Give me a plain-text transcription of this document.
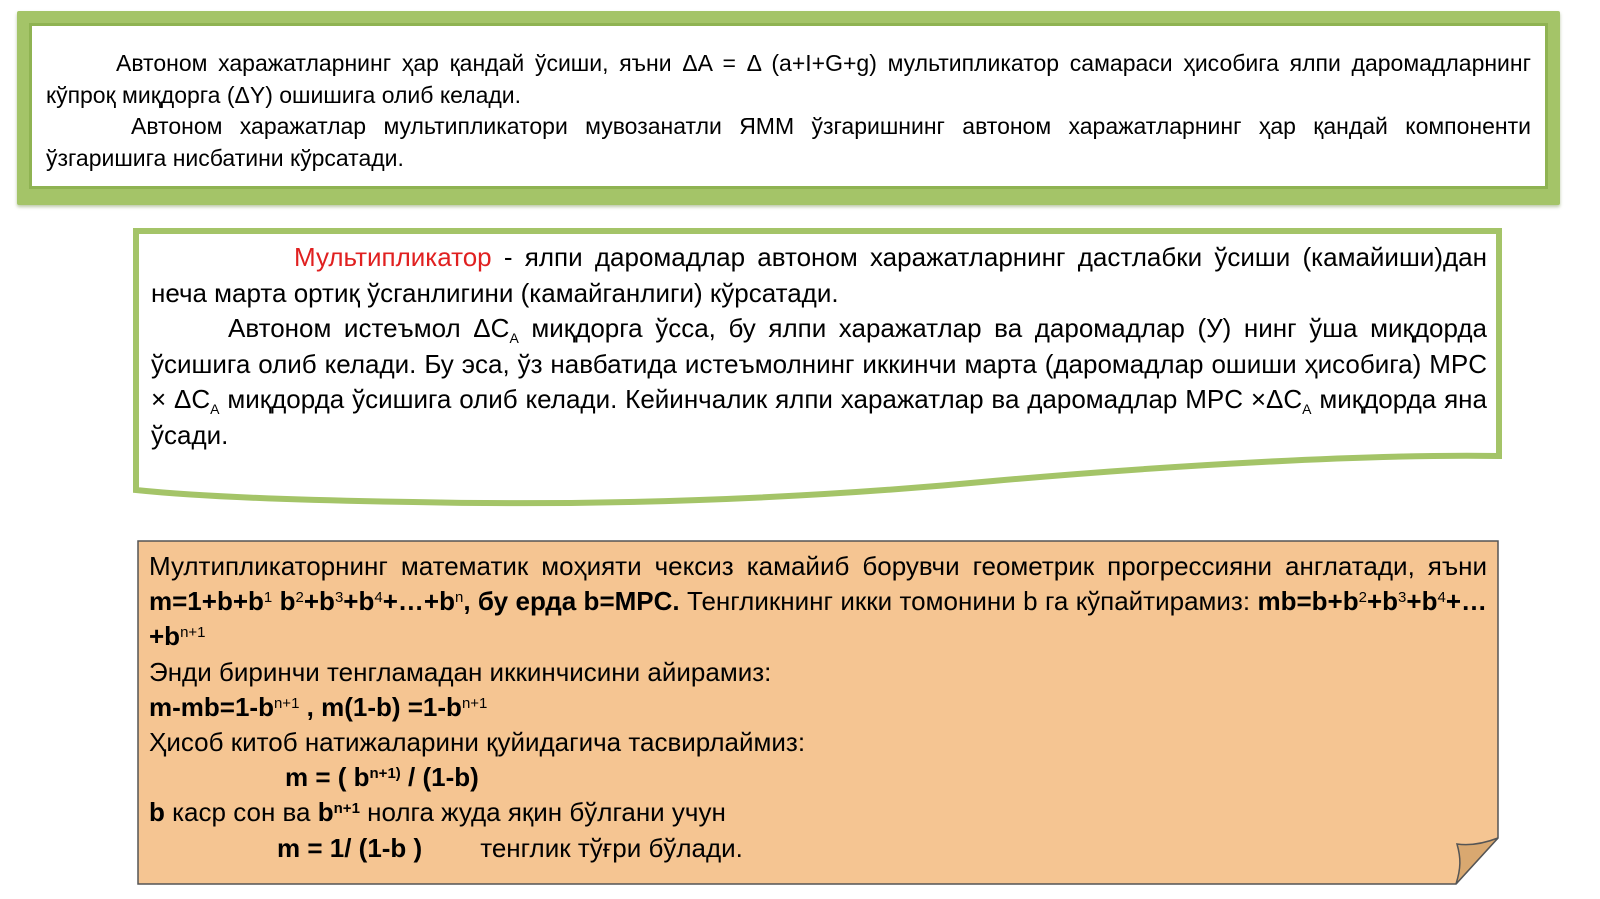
Автоном харажатларнинг ҳар қандай ўсиши, яъни ΔA = Δ (a+I+G+g) мультипликатор самараси ҳисобига ялпи даромадларнинг кўпроқ миқдорга (ΔY) ошишига олиб келади.

Автоном харажатлар мультипликатори мувозанатли ЯММ ўзгаришнинг автоном харажатларнинг ҳар қандай компоненти ўзгаришига нисбатини кўрсатади.

Мультипликатор - ялпи даромадлар автоном харажатларнинг дастлабки ўсиши (камайиши)дан неча марта ортиқ ўсганлигини (камайганлиги) кўрсатади.

Автоном истеъмол $\Delta C_A$ миқдорга ўсса, бу ялпи харажатлар ва даромадлар (У) нинг ўша миқдорда ўсишига олиб келади. Бу эса, ўз навбатида истеъмолнинг иккинчи марта (даромадлар ошиши ҳисобига) MPC × $\Delta C_A$ миқдорда ўсишига олиб келади. Кейинчалик ялпи харажатлар ва даромадлар MPC $\times\Delta C_A$ миқдорда яна ўсади.

Мултипликаторнинг математик моҳияти чексиз камайиб борувчи геометрик прогрессияни англатади, яъни $m=1+b+b^1$ $b^2+b^3+b^4+\dots+b^n$, бу ерда b=MPC. Тенгликнинг икки томонини b га кўпайтирамиз: $mb=b+b^2+b^3+b^4+\dots+b^{n+1}$

Энди биринчи тенгламадан иккинчисини айирамиз:

$m-mb=1-b^{n+1}$ , $m(1-b) =1-b^{n+1}$

Ҳисоб китоб натижаларини қуйидагича тасвирлаймиз:

m = ( $b^{n+1)} / (1-b)$

b каср сон ва $b^{n+1}$ нолга жуда яқин бўлгани учун

m = 1/ (1-b ) тенглик тўғри бўлади.
